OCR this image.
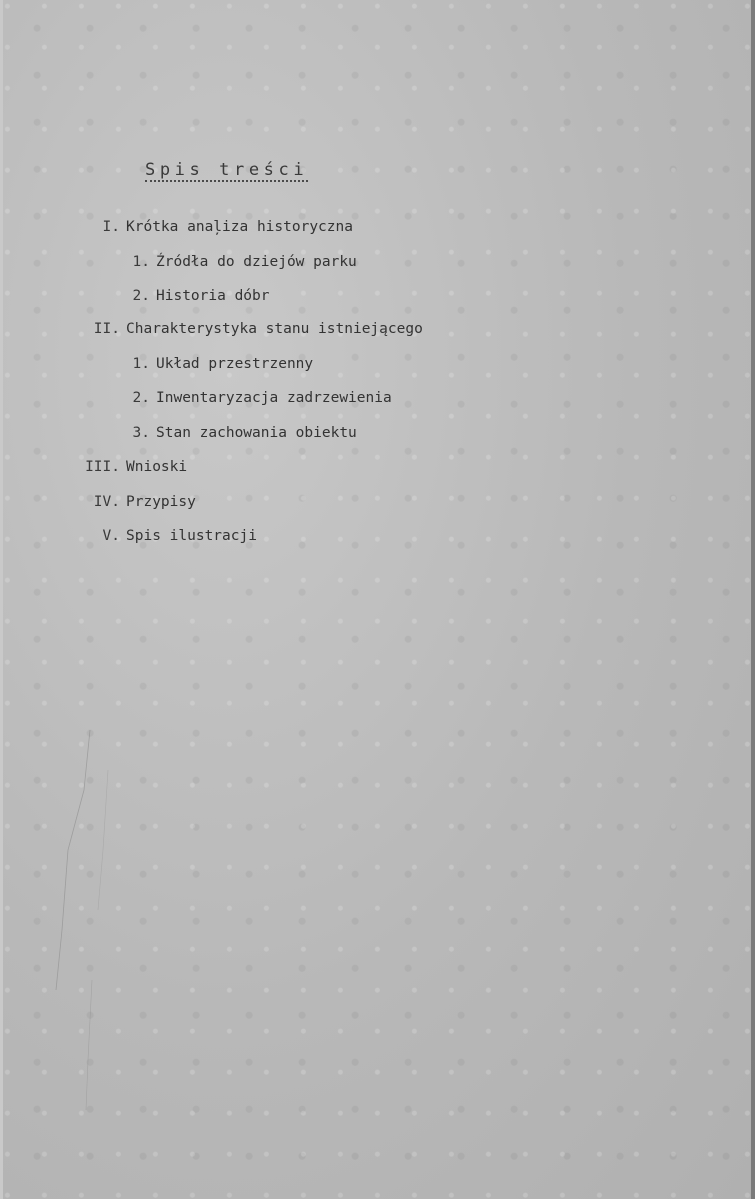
Spis treści
I. Krótka anaļiza historyczna
1. Źródła do dziejów parku
2. Historia dóbr
II. Charakterystyka stanu istniejącego
1. Układ przestrzenny
2. Inwentaryzacja zadrzewienia
3. Stan zachowania obiektu
III. Wnioski
IV. Przypisy
V. Spis ilustracji
